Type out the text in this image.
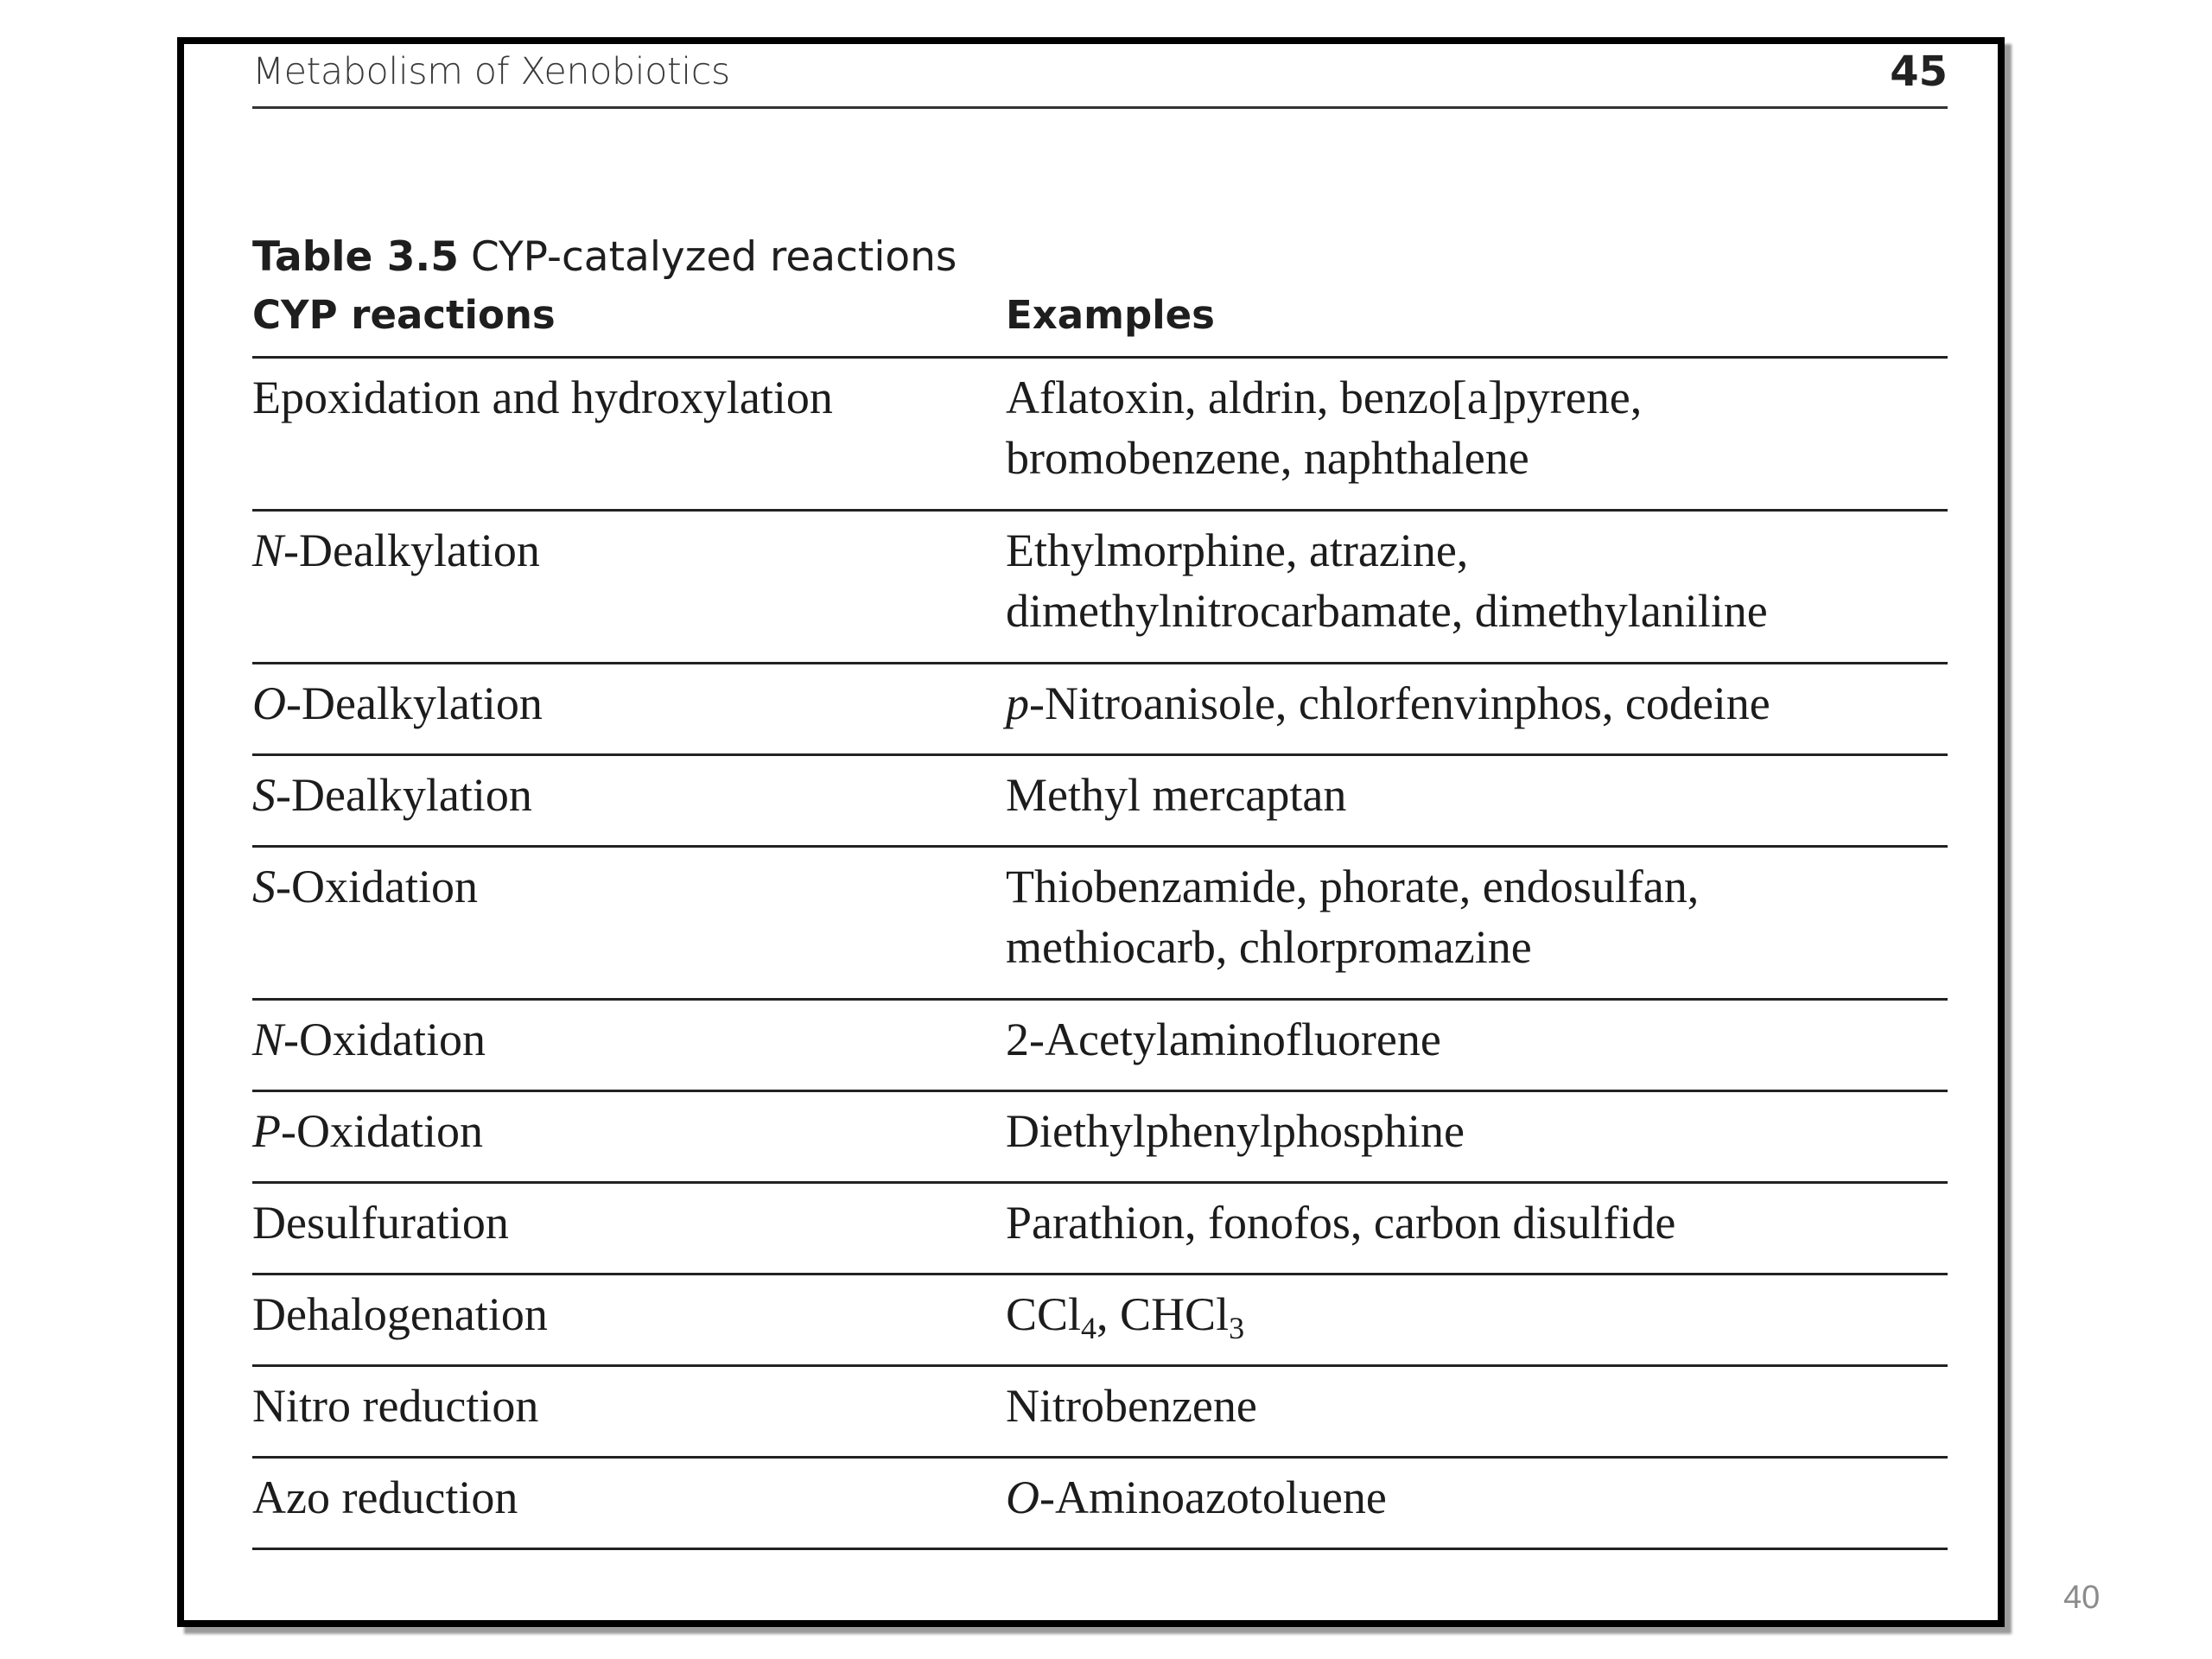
Metabolism of Xenobiotics	45
Table 3.5 CYP-catalyzed reactions
CYP reactions	Examples
Epoxidation and hydroxylation	Aflatoxin, aldrin, benzo[a]pyrene,
bromobenzene, naphthalene
N-Dealkylation	Ethylmorphine, atrazine,
dimethylnitrocarbamate, dimethylaniline
O-Dealkylation	p-Nitroanisole, chlorfenvinphos, codeine
S-Dealkylation	Methyl mercaptan
S-Oxidation	Thiobenzamide, phorate, endosulfan,
methiocarb, chlorpromazine
N-Oxidation	2-Acetylaminofluorene
P-Oxidation	Diethylphenylphosphine
Desulfuration	Parathion, fonofos, carbon disulfide
Dehalogenation	CCl$_4$, CHCl$_3$
Nitro reduction	Nitrobenzene
Azo reduction	O-Aminoazotoluene
40
